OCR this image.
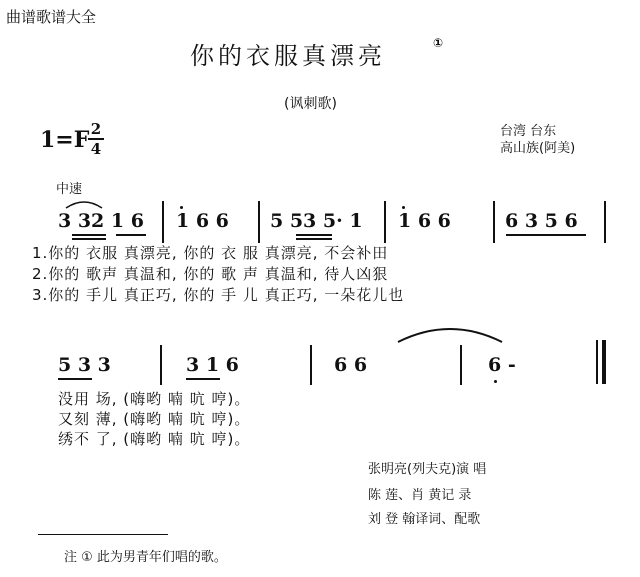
曲谱歌谱大全
你的衣服真漂亮	①
(讽刺歌)
1=F 2
4
台湾 台东
高山族(阿美)
中速
3 32 1 6 1 6 6 5 53 5· 1 1 6 6	6 3 5 6
1.你的 衣服 真漂亮, 你的 衣 服 真漂亮, 不会补田
2.你的 歌声 真温和, 你的 歌 声 真温和, 待人凶狠
3.你的 手儿 真正巧, 你的 手 儿 真正巧, 一朵花儿也
5 3 3	3 1 6	6 6	6 -
没用 场, (嗨哟 喃 吭 哼)。
又刻 薄, (嗨哟 喃 吭 哼)。
绣不 了, (嗨哟 喃 吭 哼)。
张明亮(列夫克)演 唱
陈 莲、肖 黄记 录
刘 登 翰译词、配歌
注 ① 此为男青年们唱的歌。
